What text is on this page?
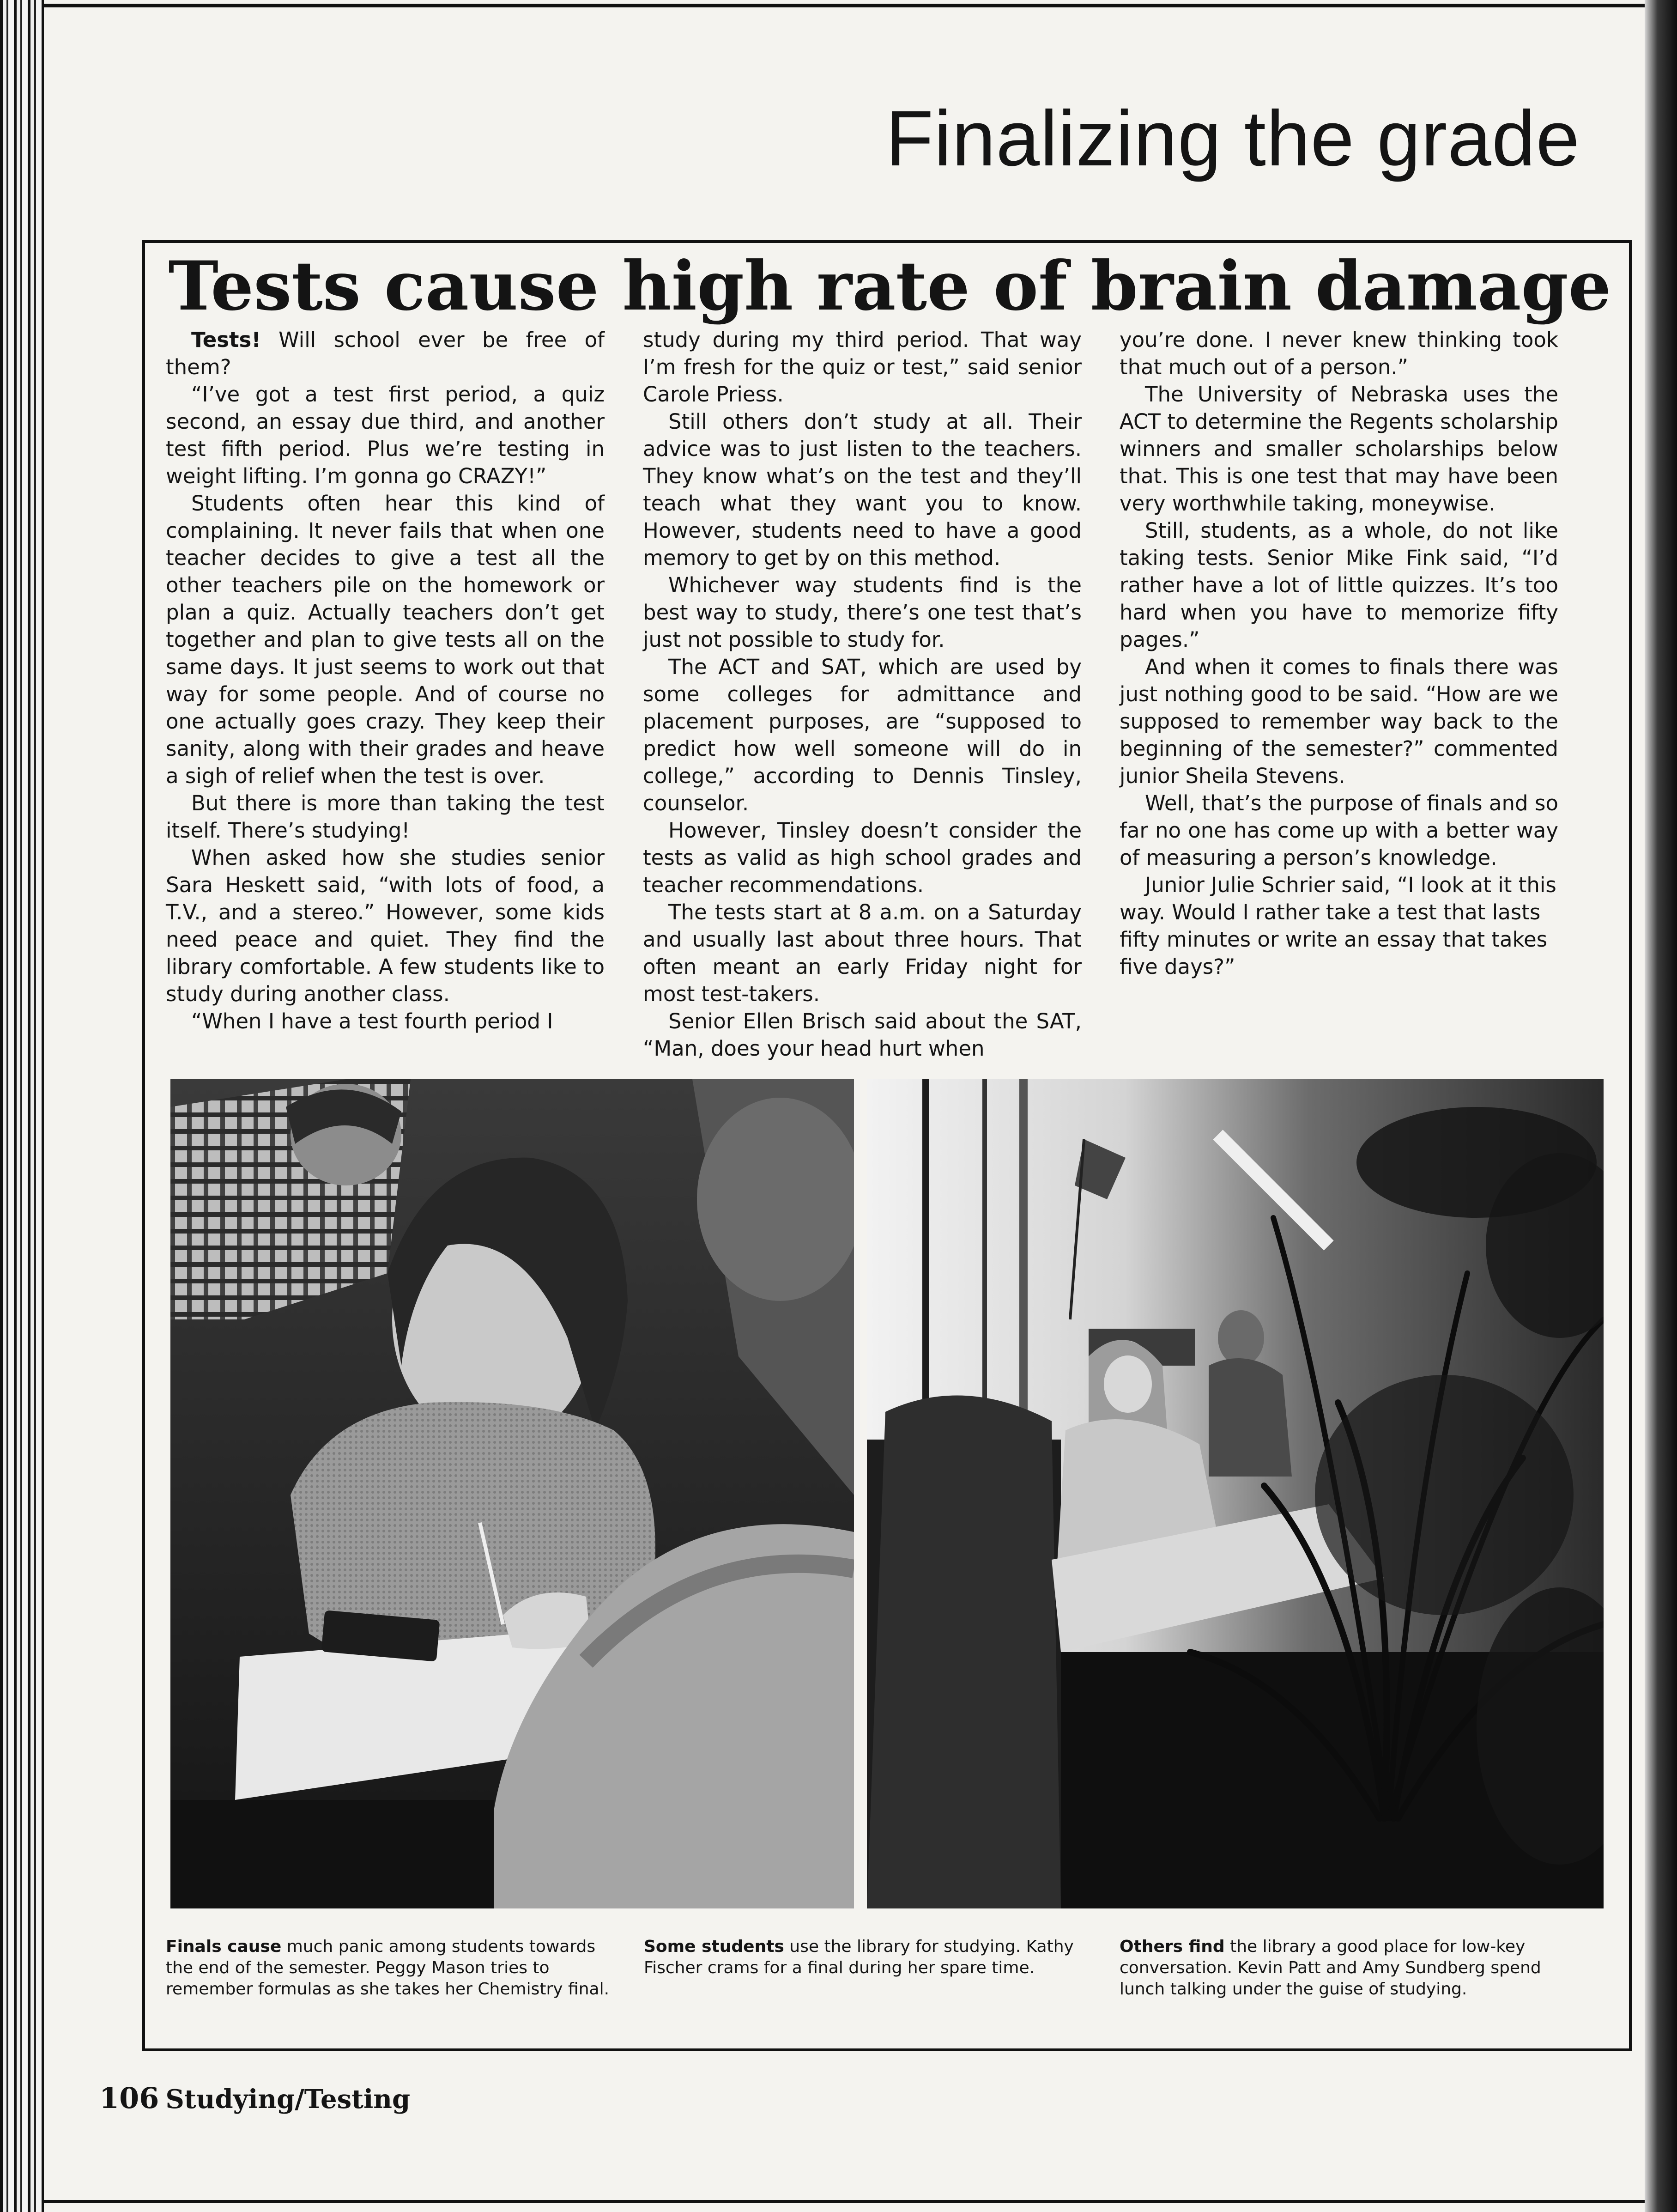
Finalizing the grade
Tests cause high rate of brain damage

Tests! Will school ever be free of them?

“I’ve got a test first period, a quiz second, an essay due third, and another test fifth period. Plus we’re testing in weight lifting. I’m gonna go CRAZY!”

Students often hear this kind of complaining. It never fails that when one teacher decides to give a test all the other teachers pile on the homework or plan a quiz. Actually teachers don’t get together and plan to give tests all on the same days. It just seems to work out that way for some people. And of course no one actually goes crazy. They keep their sanity, along with their grades and heave a sigh of relief when the test is over.

But there is more than taking the test itself. There’s studying!

When asked how she studies senior Sara Heskett said, “with lots of food, a T.V., and a stereo.” However, some kids need peace and quiet. They find the library comfortable. A few students like to study during another class.

“When I have a test fourth period I

study during my third period. That way I’m fresh for the quiz or test,” said senior Carole Priess.

Still others don’t study at all. Their advice was to just listen to the teachers. They know what’s on the test and they’ll teach what they want you to know. However, students need to have a good memory to get by on this method.

Whichever way students find is the best way to study, there’s one test that’s just not possible to study for.

The ACT and SAT, which are used by some colleges for admittance and placement purposes, are “supposed to predict how well someone will do in college,” according to Dennis Tinsley, counselor.

However, Tinsley doesn’t consider the tests as valid as high school grades and teacher recommendations.

The tests start at 8 a.m. on a Saturday and usually last about three hours. That often meant an early Friday night for most test-takers.

Senior Ellen Brisch said about the SAT, “Man, does your head hurt when

you’re done. I never knew thinking took that much out of a person.”

The University of Nebraska uses the ACT to determine the Regents scholarship winners and smaller scholarships below that. This is one test that may have been very worthwhile taking, moneywise.

Still, students, as a whole, do not like taking tests. Senior Mike Fink said, “I’d rather have a lot of little quizzes. It’s too hard when you have to memorize fifty pages.”

And when it comes to finals there was just nothing good to be said. “How are we supposed to remember way back to the beginning of the semester?” commented junior Sheila Stevens.

Well, that’s the purpose of finals and so far no one has come up with a better way of measuring a person’s knowledge.

Junior Julie Schrier said, “I look at it this way. Would I rather take a test that lasts fifty minutes or write an essay that takes five days?”

Finals cause much panic among students towards the end of the semester. Peggy Mason tries to remember formulas as she takes her Chemistry final.
Some students use the library for studying. Kathy Fischer crams for a final during her spare time.
Others find the library a good place for low-key conversation. Kevin Patt and Amy Sundberg spend lunch talking under the guise of studying.
106 Studying/Testing
